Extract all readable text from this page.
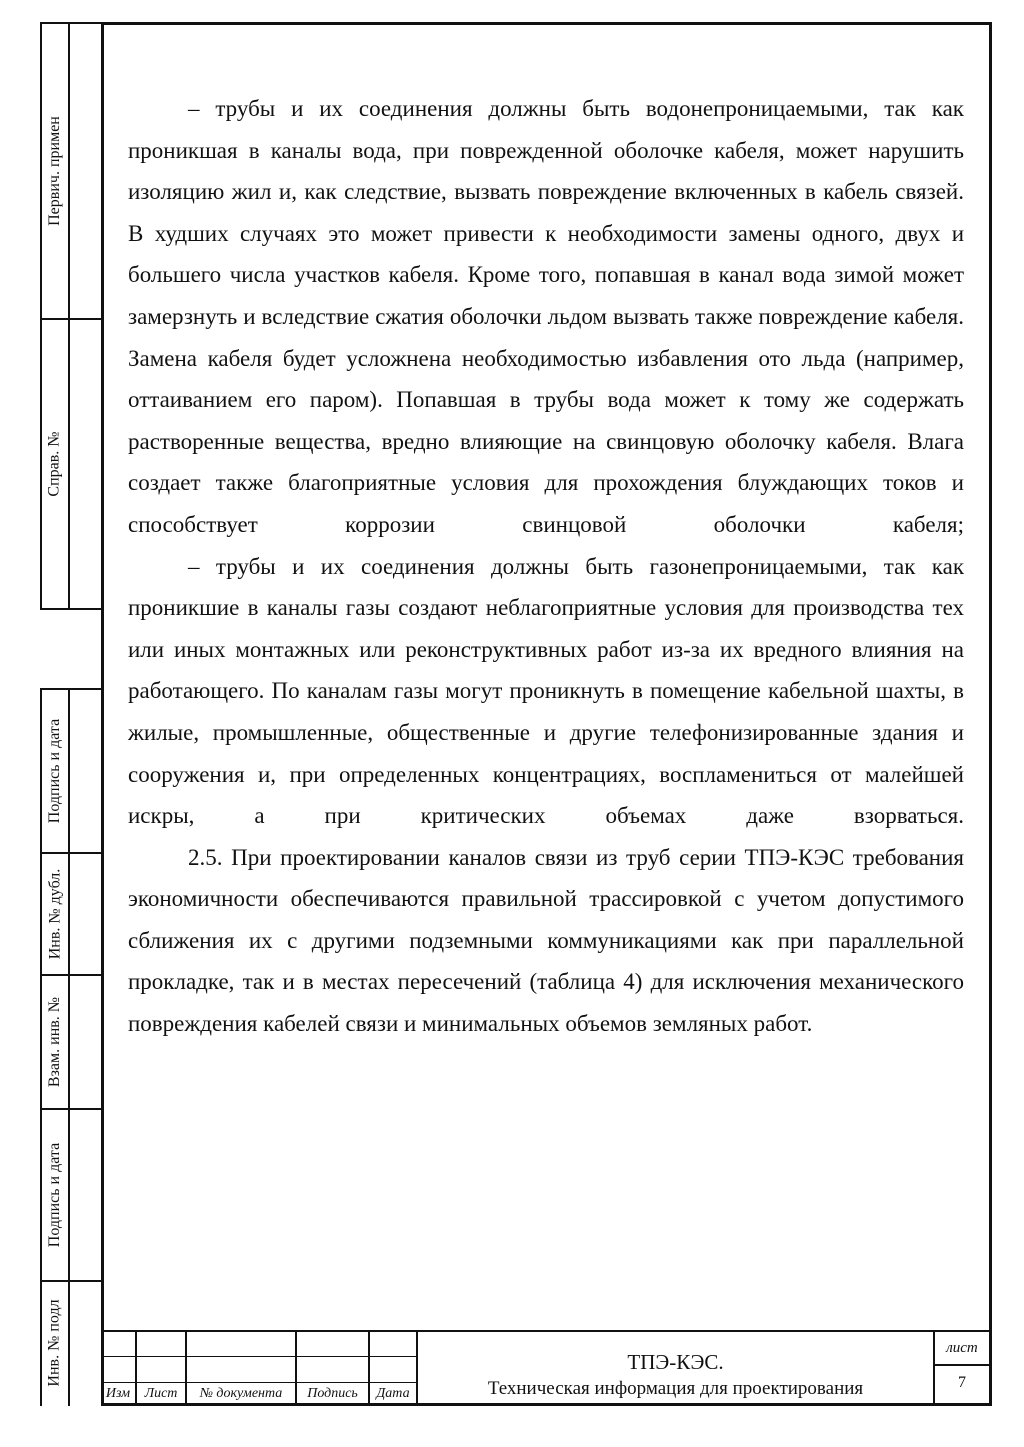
Первич. примен
Справ. №
Подпись и дата
Инв. № дубл.
Взам. инв. №
Подпись и дата
Инв. № подл

– трубы и их соединения должны быть водонепроницаемыми, так как проникшая в каналы вода, при поврежденной оболочке кабеля, может нарушить изоляцию жил и, как следствие, вызвать повреждение включенных в кабель связей. В худших случаях это может привести к необходимости замены одного, двух и большего числа участков кабеля. Кроме того, попавшая в канал вода зимой может замерзнуть и вследствие сжатия оболочки льдом вызвать также повреждение кабеля. Замена кабеля будет усложнена необходимостью избавления ото льда (например, оттаиванием его паром). Попавшая в трубы вода может к тому же содержать растворенные вещества, вредно влияющие на свинцовую оболочку кабеля. Влага создает также благоприятные условия для прохождения блуждающих токов и способствует коррозии свинцовой оболочки кабеля;

– трубы и их соединения должны быть газонепроницаемыми, так как проникшие в каналы газы создают неблагоприятные условия для производства тех или иных монтажных или реконструктивных работ из-за их вредного влияния на работающего. По каналам газы могут проникнуть в помещение кабельной шахты, в жилые, промышленные, общественные и другие телефонизированные здания и сооружения и, при определенных концентрациях, воспламениться от малейшей искры, а при критических объемах даже взорваться.

2.5. При проектировании каналов связи из труб серии ТПЭ-КЭС требования экономичности обеспечиваются правильной трассировкой с учетом допустимого сближения их с другими подземными коммуникациями как при параллельной прокладке, так и в местах пересечений (таблица 4) для исключения механического повреждения кабелей связи и минимальных объемов земляных работ.

Изм	Лист	№ документа	Подпись	Дата
ТПЭ-КЭС.
Техническая информация для проектирования
лист
7
